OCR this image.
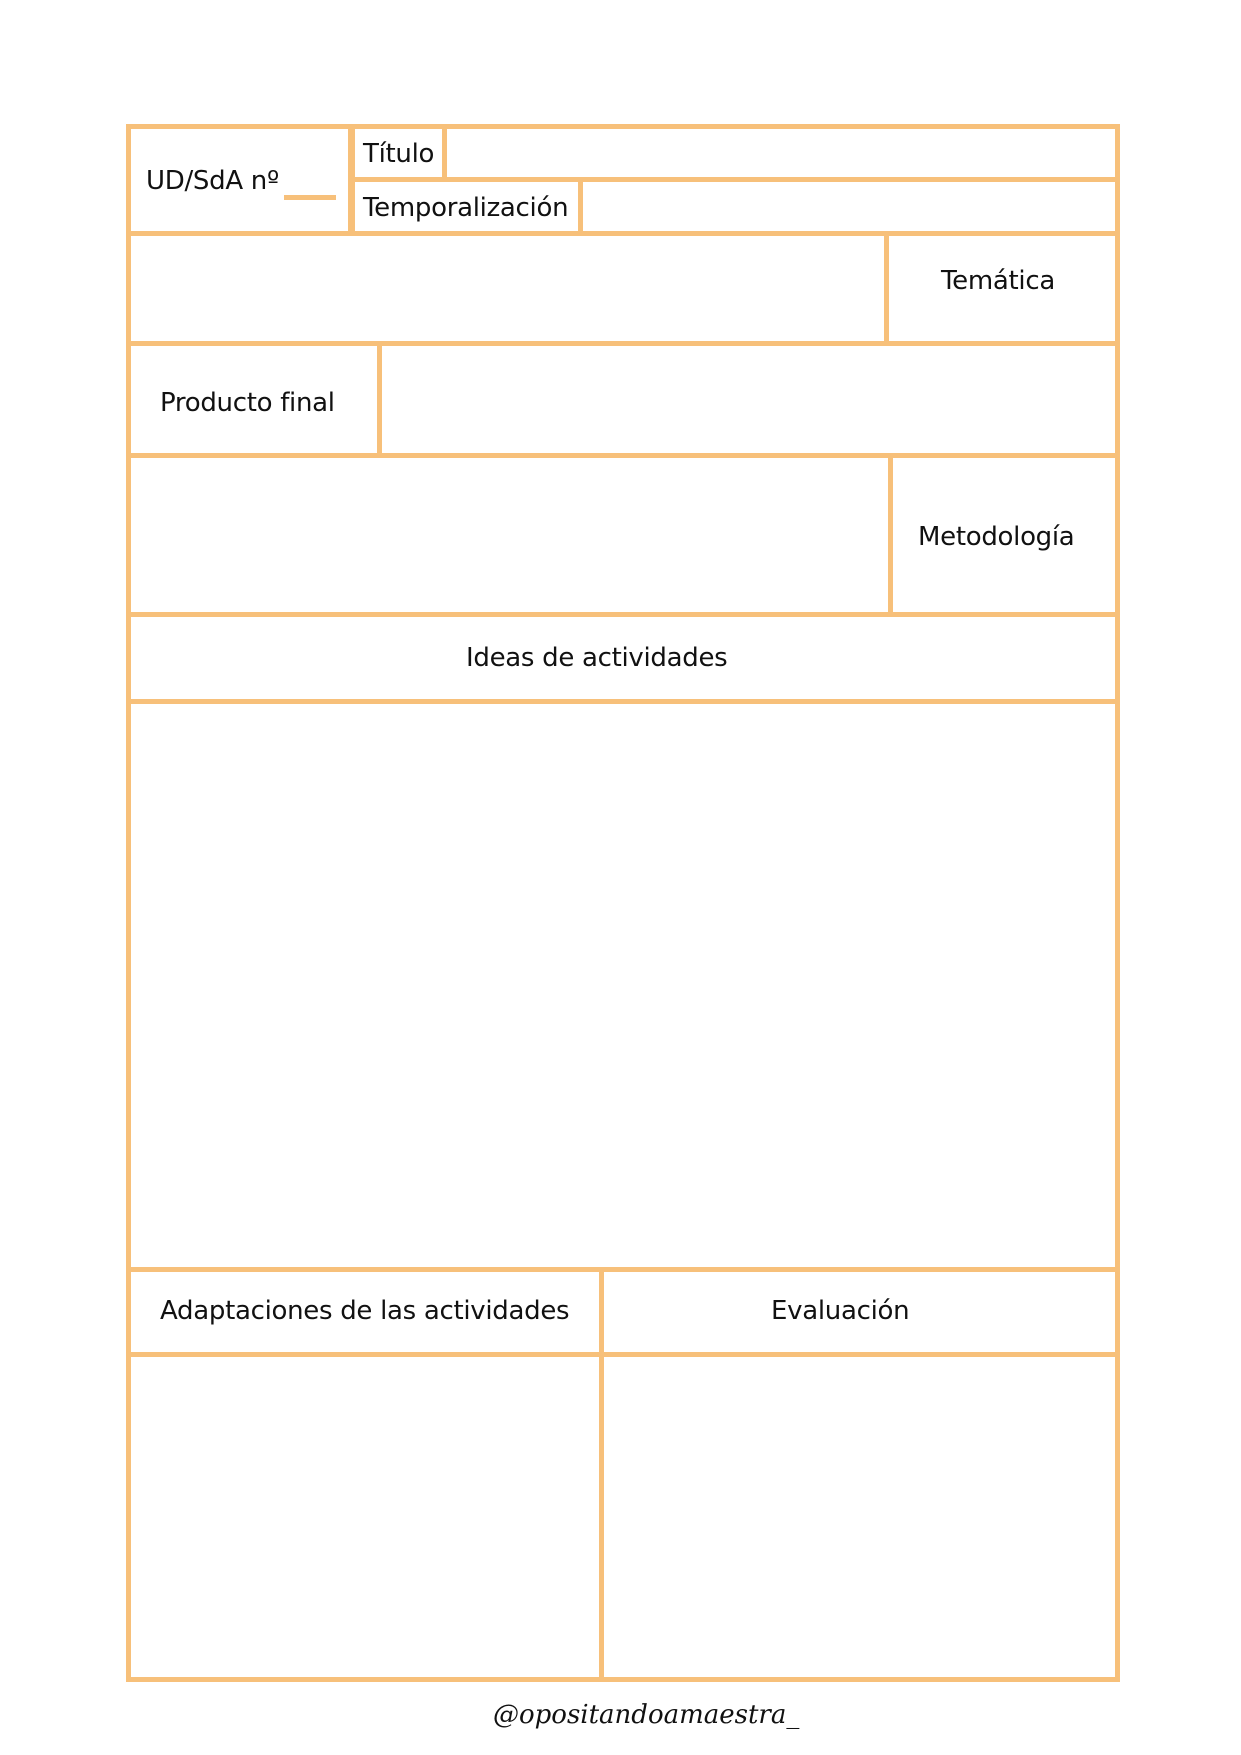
UD/SdA nº
Título
Temporalización
Temática
Producto final
Metodología
Ideas de actividades
Adaptaciones de las actividades	Evaluación
@opositandoamaestra_
